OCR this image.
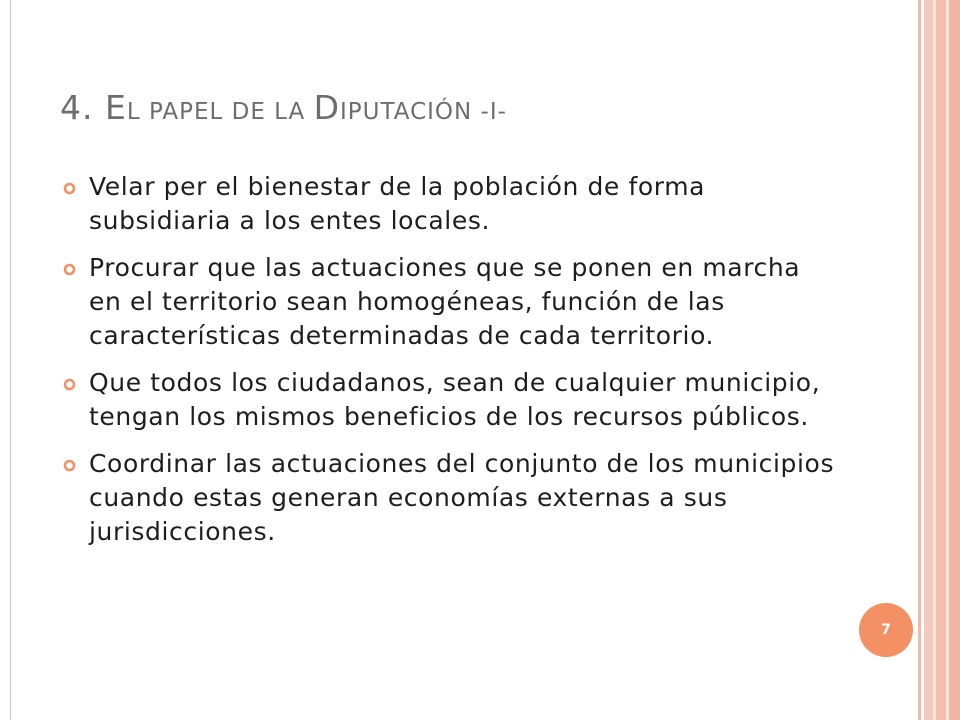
4. EL PAPEL DE LA DIPUTACIÓN -I-
Velar per el bienestar de la población de forma subsidiaria a los entes locales.
Procurar que las actuaciones que se ponen en marcha en el territorio sean homogéneas, función de las características determinadas de cada territorio.
Que todos los ciudadanos, sean de cualquier municipio, tengan los mismos beneficios de los recursos públicos.
Coordinar las actuaciones del conjunto de los municipios cuando estas generan economías externas a sus jurisdicciones.
7
